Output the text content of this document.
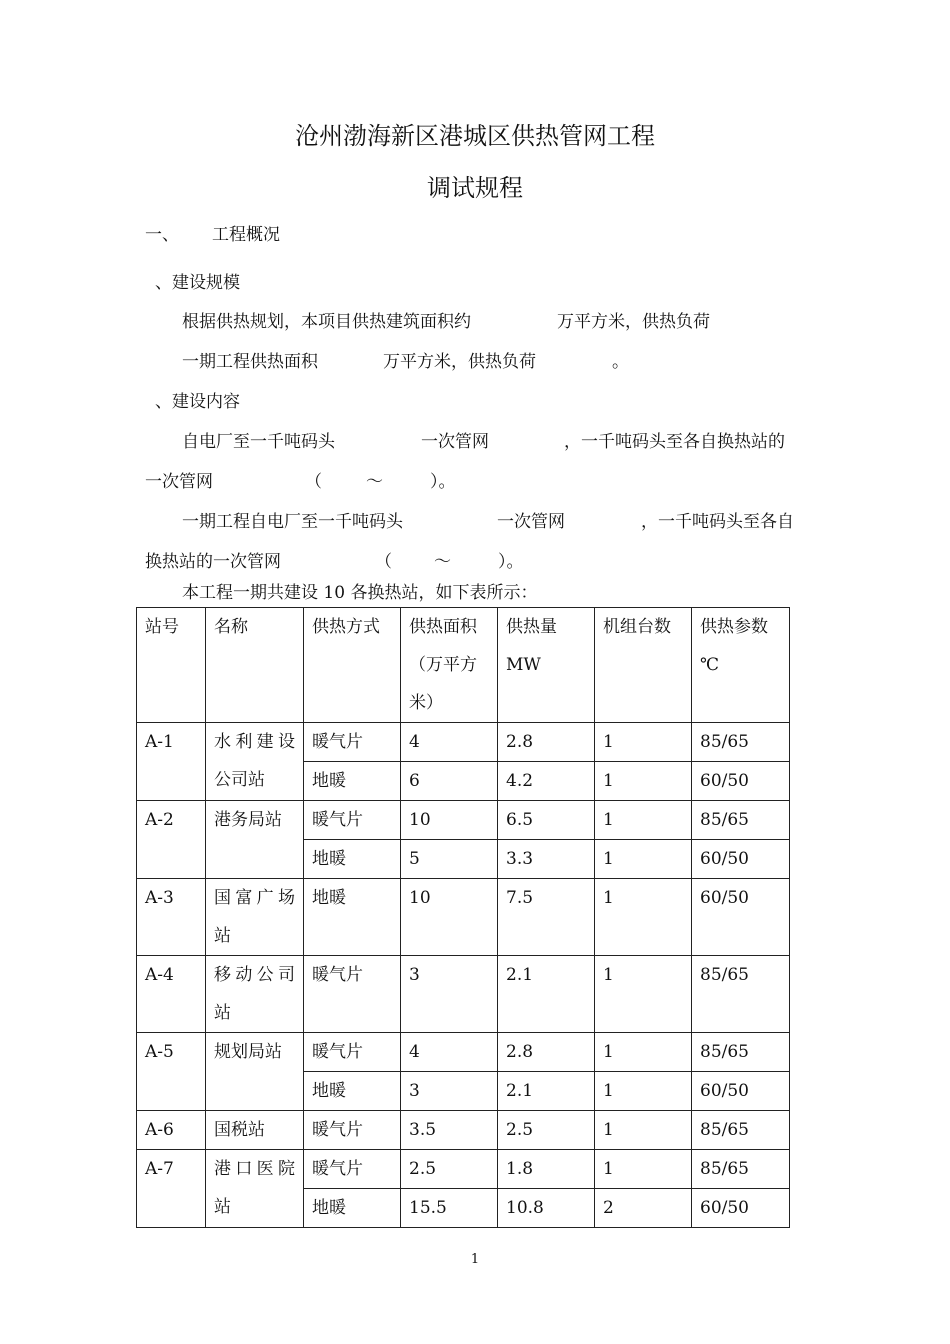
沧州渤海新区港城区供热管网工程
调试规程
一、 工程概况
、建设规模
根据供热规划，本项目供热建筑面积约	万平方米，供热负荷
一期工程供热面积	万平方米，供热负荷	。
、建设内容
自电厂至一千吨码头	一次管网	，一千吨码头至各自换热站的
一次管网	（	～	）。
一期工程自电厂至一千吨码头	一次管网	，一千吨码头至各自
换热站的一次管网	（ ～	）。
本工程一期共建设 10 各换热站，如下表所示：
站号	名称	供热方式	供热面积
（万平方
米）	供热量
MW	机组台数	供热参数
℃
A-1	水利建设公司站	暖气片	4	2.8	1	85/65
		地暖	6	4.2	1	60/50
A-2	港务局站	暖气片	10	6.5	1	85/65
		地暖	5	3.3	1	60/50
A-3	国富广场站	地暖	10	7.5	1	60/50
A-4	移动公司站	暖气片	3	2.1	1	85/65
A-5	规划局站	暖气片	4	2.8	1	85/65
		地暖	3	2.1	1	60/50
A-6	国税站	暖气片	3.5	2.5	1	85/65
A-7	港口医院站	暖气片	2.5	1.8	1	85/65
		地暖	15.5	10.8	2	60/50
1
